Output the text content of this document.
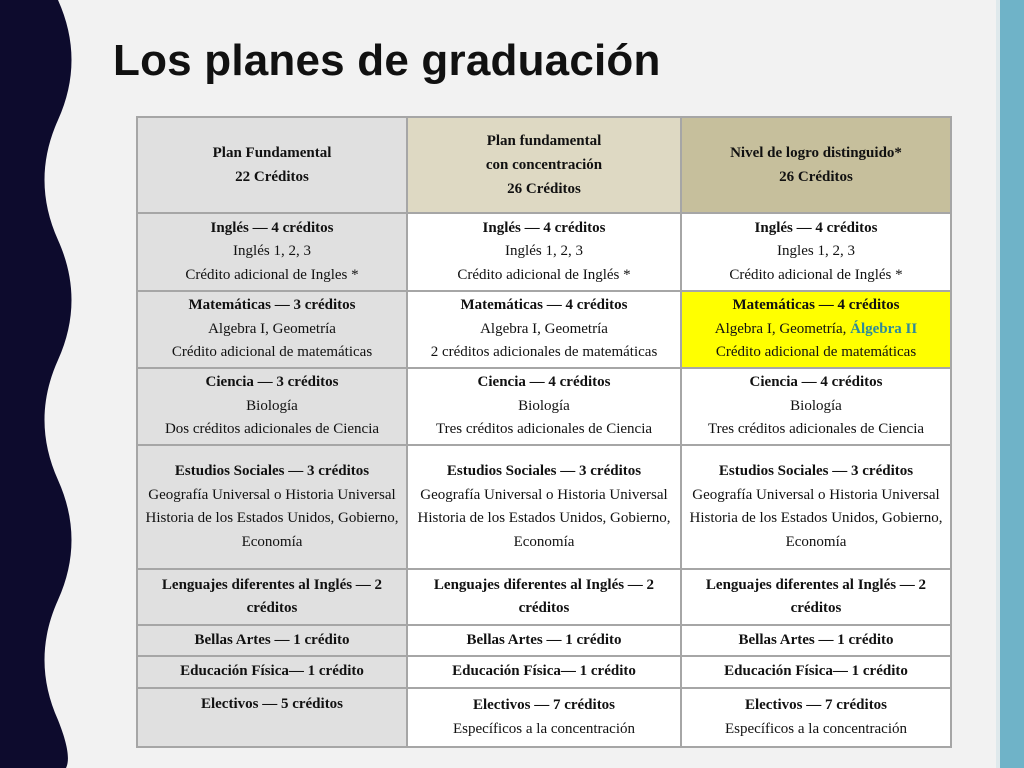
Los planes de graduación
Plan Fundamental
22 Créditos	Plan fundamental
con concentración
26 Créditos	Nivel de logro distinguido*
26 Créditos

Inglés — 4 créditos
Inglés 1, 2, 3
Crédito adicional de Ingles *	Inglés — 4 créditos
Inglés 1, 2, 3
Crédito adicional de Inglés *	Inglés — 4 créditos
Ingles 1, 2, 3
Crédito adicional de Inglés *

Matemáticas — 3 créditos
Algebra I, Geometría
Crédito adicional de matemáticas	Matemáticas — 4 créditos
Algebra I, Geometría
2 créditos adicionales de matemáticas	Matemáticas — 4 créditos
Algebra I, Geometría, Álgebra II
Crédito adicional de matemáticas

Ciencia — 3 créditos
Biología
Dos créditos adicionales de Ciencia	Ciencia — 4 créditos
Biología
Tres créditos adicionales de Ciencia	Ciencia — 4 créditos
Biología
Tres créditos adicionales de Ciencia

Estudios Sociales — 3 créditos
Geografía Universal o Historia Universal
Historia de los Estados Unidos, Gobierno, Economía	Estudios Sociales — 3 créditos
Geografía Universal o Historia Universal
Historia de los Estados Unidos, Gobierno, Economía	Estudios Sociales — 3 créditos
Geografía Universal o Historia Universal
Historia de los Estados Unidos, Gobierno, Economía

Lenguajes diferentes al Inglés — 2 créditos	Lenguajes diferentes al Inglés — 2 créditos	Lenguajes diferentes al Inglés — 2 créditos
Bellas Artes — 1 crédito	Bellas Artes — 1 crédito	Bellas Artes — 1 crédito
Educación Física— 1 crédito	Educación Física— 1 crédito	Educación Física— 1 crédito

Electivos — 5 créditos	Electivos — 7 créditos
Específicos a la concentración	Electivos — 7 créditos
Específicos a la concentración
